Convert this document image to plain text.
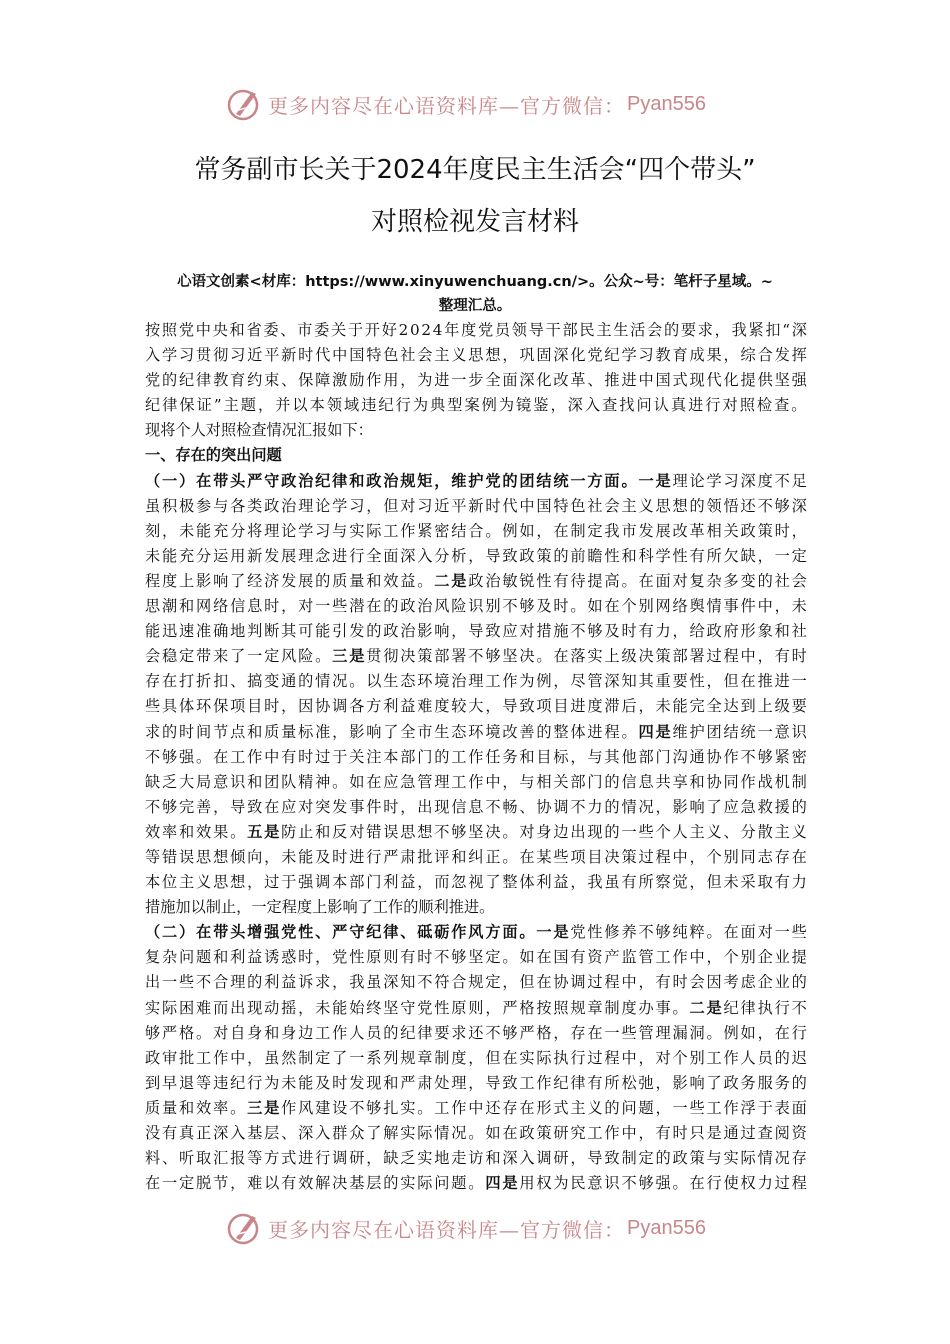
更多内容尽在心语资料库—官方微信： Pyan556
常务副市长关于2024年度民主生活会“四个带头”
对照检视发言材料
心语文创素<材库：https://www.xinyuwenchuang.cn/>。公众~号：笔杆子星域。~
整理汇总。
按 照 党 中 央 和 省 委 、 市 委 关 于 开 好 2 0 2 4 年 度 党 员 领 导 干 部 民 主 生 活 会 的 要 求 ， 我 紧 扣 “ 深
入 学 习 贯 彻 习 近 平 新 时 代 中 国 特 色 社 会 主 义 思 想 ， 巩 固 深 化 党 纪 学 习 教 育 成 果 ， 综 合 发 挥
党 的 纪 律 教 育 约 束 、 保 障 激 励 作 用 ， 为 进 一 步 全 面 深 化 改 革 、 推 进 中 国 式 现 代 化 提 供 坚 强
纪 律 保 证 ” 主 题 ， 并 以 本 领 域 违 纪 行 为 典 型 案 例 为 镜 鉴 ， 深 入 查 找 问 认 真 进 行 对 照 检 查 。
现将个人对照检查情况汇报如下：
一、存在的突出问题
（ 一 ） 在 带 头 严 守 政 治 纪 律 和 政 治 规 矩 ， 维 护 党 的 团 结 统 一 方 面 。 一 是 理 论 学 习 深 度 不 足
虽 积 极 参 与 各 类 政 治 理 论 学 习 ， 但 对 习 近 平 新 时 代 中 国 特 色 社 会 主 义 思 想 的 领 悟 还 不 够 深
刻 ， 未 能 充 分 将 理 论 学 习 与 实 际 工 作 紧 密 结 合 。 例 如 ， 在 制 定 我 市 发 展 改 革 相 关 政 策 时 ，
未 能 充 分 运 用 新 发 展 理 念 进 行 全 面 深 入 分 析 ， 导 致 政 策 的 前 瞻 性 和 科 学 性 有 所 欠 缺 ， 一 定
程 度 上 影 响 了 经 济 发 展 的 质 量 和 效 益 。 二 是 政 治 敏 锐 性 有 待 提 高 。 在 面 对 复 杂 多 变 的 社 会
思 潮 和 网 络 信 息 时 ， 对 一 些 潜 在 的 政 治 风 险 识 别 不 够 及 时 。 如 在 个 别 网 络 舆 情 事 件 中 ， 未
能 迅 速 准 确 地 判 断 其 可 能 引 发 的 政 治 影 响 ， 导 致 应 对 措 施 不 够 及 时 有 力 ， 给 政 府 形 象 和 社
会 稳 定 带 来 了 一 定 风 险 。 三 是 贯 彻 决 策 部 署 不 够 坚 决 。 在 落 实 上 级 决 策 部 署 过 程 中 ， 有 时
存 在 打 折 扣 、 搞 变 通 的 情 况 。 以 生 态 环 境 治 理 工 作 为 例 ， 尽 管 深 知 其 重 要 性 ， 但 在 推 进 一
些 具 体 环 保 项 目 时 ， 因 协 调 各 方 利 益 难 度 较 大 ， 导 致 项 目 进 度 滞 后 ， 未 能 完 全 达 到 上 级 要
求 的 时 间 节 点 和 质 量 标 准 ， 影 响 了 全 市 生 态 环 境 改 善 的 整 体 进 程 。 四 是 维 护 团 结 统 一 意 识
不 够 强 。 在 工 作 中 有 时 过 于 关 注 本 部 门 的 工 作 任 务 和 目 标 ， 与 其 他 部 门 沟 通 协 作 不 够 紧 密
缺 乏 大 局 意 识 和 团 队 精 神 。 如 在 应 急 管 理 工 作 中 ， 与 相 关 部 门 的 信 息 共 享 和 协 同 作 战 机 制
不 够 完 善 ， 导 致 在 应 对 突 发 事 件 时 ， 出 现 信 息 不 畅 、 协 调 不 力 的 情 况 ， 影 响 了 应 急 救 援 的
效 率 和 效 果 。 五 是 防 止 和 反 对 错 误 思 想 不 够 坚 决 。 对 身 边 出 现 的 一 些 个 人 主 义 、 分 散 主 义
等 错 误 思 想 倾 向 ， 未 能 及 时 进 行 严 肃 批 评 和 纠 正 。 在 某 些 项 目 决 策 过 程 中 ， 个 别 同 志 存 在
本 位 主 义 思 想 ， 过 于 强 调 本 部 门 利 益 ， 而 忽 视 了 整 体 利 益 ， 我 虽 有 所 察 觉 ， 但 未 采 取 有 力
措施加以制止，一定程度上影响了工作的顺利推进。
（ 二 ） 在 带 头 增 强 党 性 、 严 守 纪 律 、 砥 砺 作 风 方 面 。 一 是 党 性 修 养 不 够 纯 粹 。 在 面 对 一 些
复 杂 问 题 和 利 益 诱 惑 时 ， 党 性 原 则 有 时 不 够 坚 定 。 如 在 国 有 资 产 监 管 工 作 中 ， 个 别 企 业 提
出 一 些 不 合 理 的 利 益 诉 求 ， 我 虽 深 知 不 符 合 规 定 ， 但 在 协 调 过 程 中 ， 有 时 会 因 考 虑 企 业 的
实 际 困 难 而 出 现 动 摇 ， 未 能 始 终 坚 守 党 性 原 则 ， 严 格 按 照 规 章 制 度 办 事 。 二 是 纪 律 执 行 不
够 严 格 。 对 自 身 和 身 边 工 作 人 员 的 纪 律 要 求 还 不 够 严 格 ， 存 在 一 些 管 理 漏 洞 。 例 如 ， 在 行
政 审 批 工 作 中 ， 虽 然 制 定 了 一 系 列 规 章 制 度 ， 但 在 实 际 执 行 过 程 中 ， 对 个 别 工 作 人 员 的 迟
到 早 退 等 违 纪 行 为 未 能 及 时 发 现 和 严 肃 处 理 ， 导 致 工 作 纪 律 有 所 松 弛 ， 影 响 了 政 务 服 务 的
质 量 和 效 率 。 三 是 作 风 建 设 不 够 扎 实 。 工 作 中 还 存 在 形 式 主 义 的 问 题 ， 一 些 工 作 浮 于 表 面
没 有 真 正 深 入 基 层 、 深 入 群 众 了 解 实 际 情 况 。 如 在 政 策 研 究 工 作 中 ， 有 时 只 是 通 过 查 阅 资
料 、 听 取 汇 报 等 方 式 进 行 调 研 ， 缺 乏 实 地 走 访 和 深 入 调 研 ， 导 致 制 定 的 政 策 与 实 际 情 况 存
在 一 定 脱 节 ， 难 以 有 效 解 决 基 层 的 实 际 问 题 。 四 是 用 权 为 民 意 识 不 够 强 。 在 行 使 权 力 过 程
更多内容尽在心语资料库—官方微信： Pyan556
